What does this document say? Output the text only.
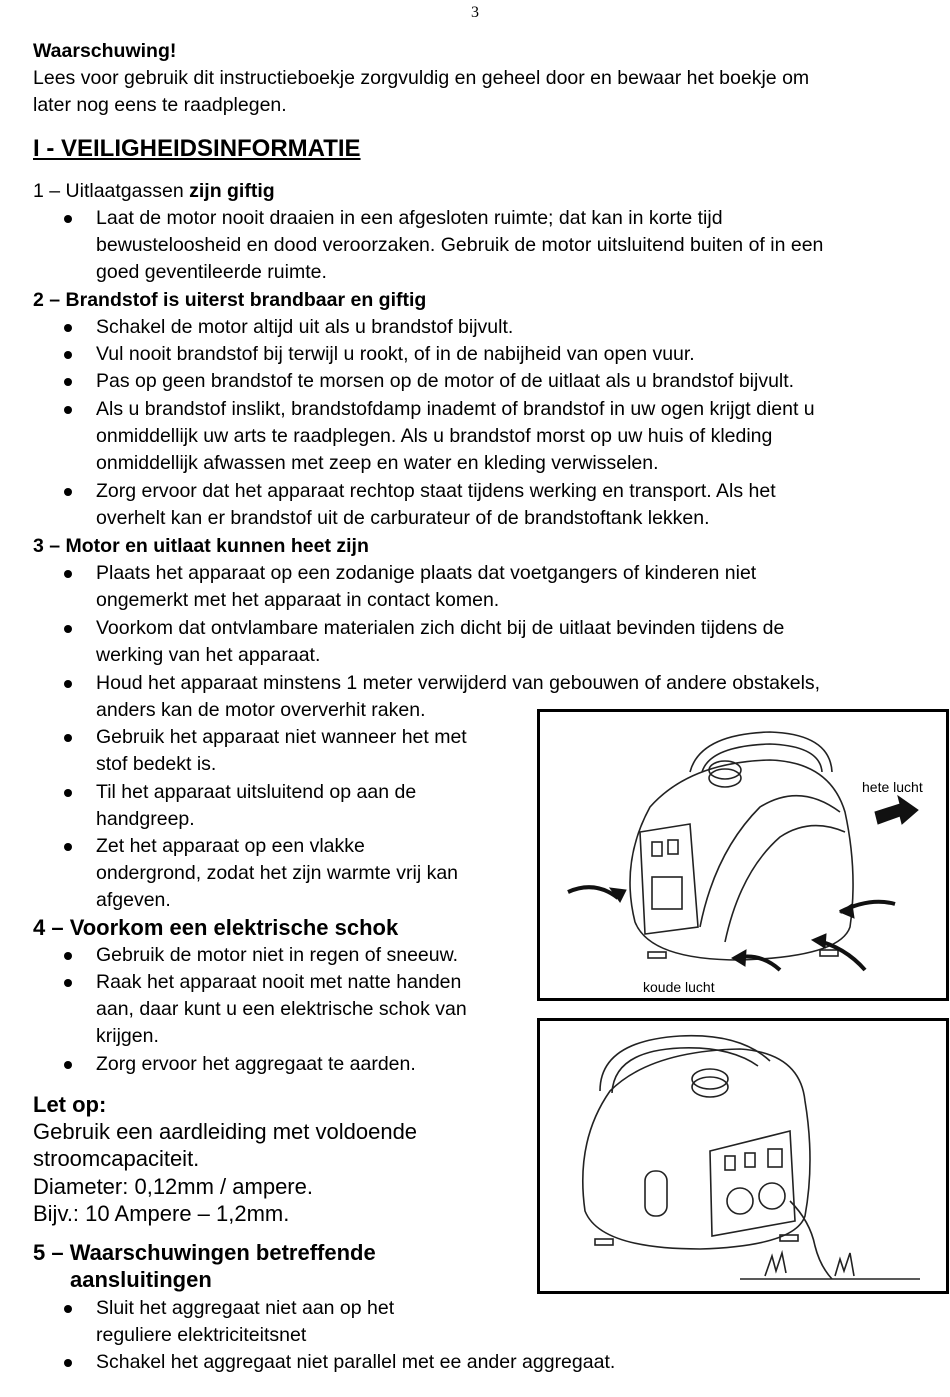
3
Waarschuwing!
Lees voor gebruik dit instructieboekje zorgvuldig en geheel door en bewaar het boekje om
later nog eens te raadplegen.
I - VEILIGHEIDSINFORMATIE
1 – Uitlaatgassen zijn giftig
Laat de motor nooit draaien in een afgesloten ruimte; dat kan in korte tijd
bewusteloosheid en dood veroorzaken. Gebruik de motor uitsluitend buiten of in een
goed geventileerde ruimte.
2 – Brandstof is uiterst brandbaar en giftig
Schakel de motor altijd uit als u brandstof bijvult.
Vul nooit brandstof bij terwijl u rookt, of in de nabijheid van open vuur.
Pas op geen brandstof te morsen op de motor of de uitlaat als u brandstof bijvult.
Als u brandstof inslikt, brandstofdamp inademt of brandstof in uw ogen krijgt dient u
onmiddellijk uw arts te raadplegen. Als u brandstof morst op uw huis of kleding
onmiddellijk afwassen met zeep en water en kleding verwisselen.
Zorg ervoor dat het apparaat rechtop staat tijdens werking en transport. Als het
overhelt kan er brandstof uit de carburateur of de brandstoftank lekken.
3 – Motor en uitlaat kunnen heet zijn
Plaats het apparaat op een zodanige plaats dat voetgangers of kinderen niet
ongemerkt met het apparaat in contact komen.
Voorkom dat ontvlambare materialen zich dicht bij de uitlaat bevinden tijdens de
werking van het apparaat.
Houd het apparaat minstens 1 meter verwijderd van gebouwen of andere obstakels,
anders kan de motor oververhit raken.
Gebruik het apparaat niet wanneer het met
stof bedekt is.
Til het apparaat uitsluitend op aan de
handgreep.
Zet het apparaat op een vlakke
ondergrond, zodat het zijn warmte vrij kan
afgeven.
4 – Voorkom een elektrische schok
Gebruik de motor niet in regen of sneeuw.
Raak het apparaat nooit met natte handen
aan, daar kunt u een elektrische schok van
krijgen.
Zorg ervoor het aggregaat te aarden.
Let op:
Gebruik een aardleiding met voldoende
stroomcapaciteit.
Diameter: 0,12mm / ampere.
Bijv.: 10 Ampere – 1,2mm.
5 – Waarschuwingen betreffende
aansluitingen
Sluit het aggregaat niet aan op het
reguliere elektriciteitsnet
Schakel het aggregaat niet parallel met ee ander aggregaat.
hete lucht
koude lucht
